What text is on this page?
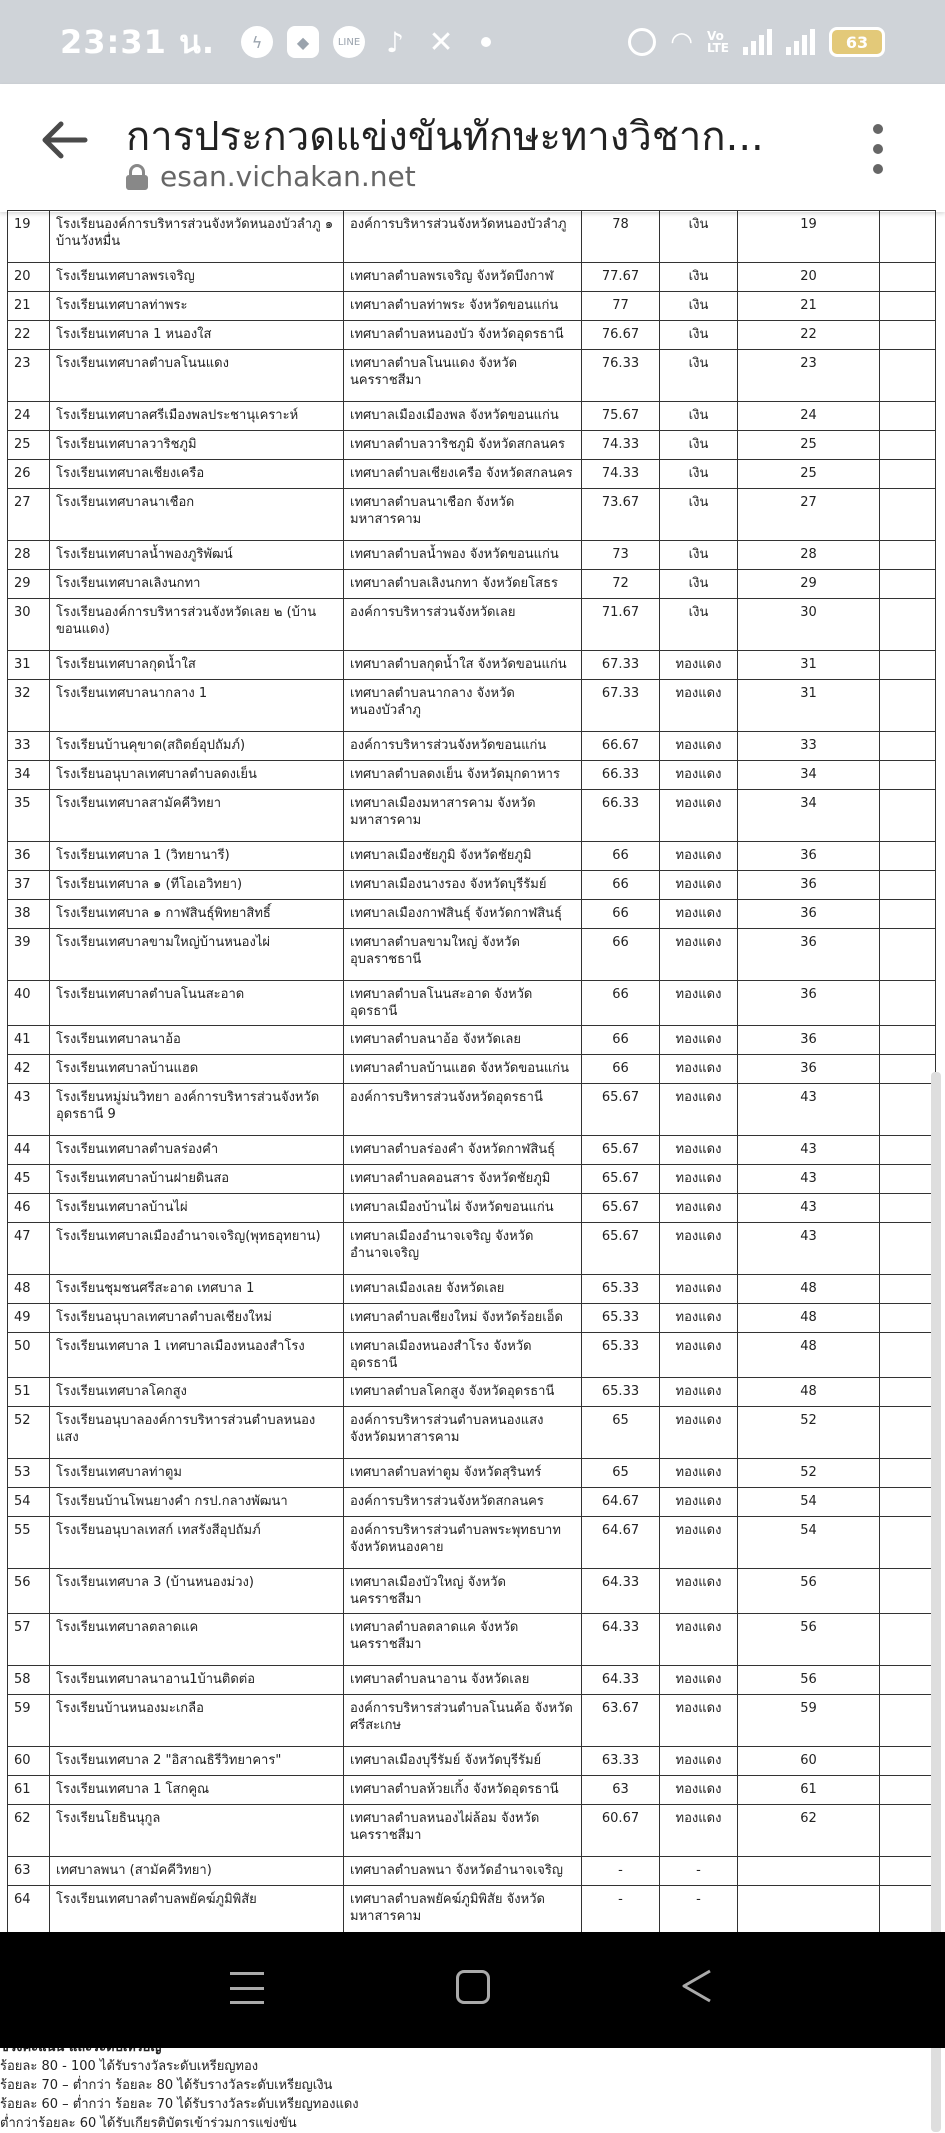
23:31 น.	ϟ	◆	LINE ♪ ✕	◠ Vo
LTE	63
การประกวดแข่งขันทักษะทางวิชาก...
esan.vichakan.net
19	โรงเรียนองค์การบริหารส่วนจังหวัดหนองบัวลำภู ๑ บ้านวังหมื่น	องค์การบริหารส่วนจังหวัดหนองบัวลำภู	78	เงิน	19	
20	โรงเรียนเทศบาลพรเจริญ	เทศบาลตำบลพรเจริญ จังหวัดบึงกาฬ	77.67	เงิน	20	
21	โรงเรียนเทศบาลท่าพระ	เทศบาลตำบลท่าพระ จังหวัดขอนแก่น	77	เงิน	21	
22	โรงเรียนเทศบาล 1 หนองใส	เทศบาลตำบลหนองบัว จังหวัดอุดรธานี	76.67	เงิน	22	
23	โรงเรียนเทศบาลตำบลโนนแดง	เทศบาลตำบลโนนแดง จังหวัดนครราชสีมา	76.33	เงิน	23	
24	โรงเรียนเทศบาลศรีเมืองพลประชานุเคราะห์	เทศบาลเมืองเมืองพล จังหวัดขอนแก่น	75.67	เงิน	24	
25	โรงเรียนเทศบาลวาริชภูมิ	เทศบาลตำบลวาริชภูมิ จังหวัดสกลนคร	74.33	เงิน	25	
26	โรงเรียนเทศบาลเชียงเครือ	เทศบาลตำบลเชียงเครือ จังหวัดสกลนคร	74.33	เงิน	25	
27	โรงเรียนเทศบาลนาเชือก	เทศบาลตำบลนาเชือก จังหวัดมหาสารคาม	73.67	เงิน	27	
28	โรงเรียนเทศบาลน้ำพองภูริพัฒน์	เทศบาลตำบลน้ำพอง จังหวัดขอนแก่น	73	เงิน	28	
29	โรงเรียนเทศบาลเลิงนกทา	เทศบาลตำบลเลิงนกทา จังหวัดยโสธร	72	เงิน	29	
30	โรงเรียนองค์การบริหารส่วนจังหวัดเลย ๒ (บ้านขอนแดง)	องค์การบริหารส่วนจังหวัดเลย	71.67	เงิน	30	
31	โรงเรียนเทศบาลกุดน้ำใส	เทศบาลตำบลกุดน้ำใส จังหวัดขอนแก่น	67.33	ทองแดง	31	
32	โรงเรียนเทศบาลนากลาง 1	เทศบาลตำบลนากลาง จังหวัดหนองบัวลำภู	67.33	ทองแดง	31	
33	โรงเรียนบ้านคุขาด(สถิตย์อุปถัมภ์)	องค์การบริหารส่วนจังหวัดขอนแก่น	66.67	ทองแดง	33	
34	โรงเรียนอนุบาลเทศบาลตำบลดงเย็น	เทศบาลตำบลดงเย็น จังหวัดมุกดาหาร	66.33	ทองแดง	34	
35	โรงเรียนเทศบาลสามัคคีวิทยา	เทศบาลเมืองมหาสารคาม จังหวัดมหาสารคาม	66.33	ทองแดง	34	
36	โรงเรียนเทศบาล 1 (วิทยานารี)	เทศบาลเมืองชัยภูมิ จังหวัดชัยภูมิ	66	ทองแดง	36	
37	โรงเรียนเทศบาล ๑ (ทีโอเอวิทยา)	เทศบาลเมืองนางรอง จังหวัดบุรีรัมย์	66	ทองแดง	36	
38	โรงเรียนเทศบาล ๑ กาฬสินธุ์พิทยาสิทธิ์	เทศบาลเมืองกาฬสินธุ์ จังหวัดกาฬสินธุ์	66	ทองแดง	36	
39	โรงเรียนเทศบาลขามใหญ่บ้านหนองไผ่	เทศบาลตำบลขามใหญ่ จังหวัดอุบลราชธานี	66	ทองแดง	36	
40	โรงเรียนเทศบาลตำบลโนนสะอาด	เทศบาลตำบลโนนสะอาด จังหวัดอุดรธานี	66	ทองแดง	36	
41	โรงเรียนเทศบาลนาอ้อ	เทศบาลตำบลนาอ้อ จังหวัดเลย	66	ทองแดง	36	
42	โรงเรียนเทศบาลบ้านแฮด	เทศบาลตำบลบ้านแฮด จังหวัดขอนแก่น	66	ทองแดง	36	
43	โรงเรียนหมู่ม่นวิทยา องค์การบริหารส่วนจังหวัดอุดรธานี 9	องค์การบริหารส่วนจังหวัดอุดรธานี	65.67	ทองแดง	43	
44	โรงเรียนเทศบาลตำบลร่องคำ	เทศบาลตำบลร่องคำ จังหวัดกาฬสินธุ์	65.67	ทองแดง	43	
45	โรงเรียนเทศบาลบ้านฝายดินสอ	เทศบาลตำบลคอนสาร จังหวัดชัยภูมิ	65.67	ทองแดง	43	
46	โรงเรียนเทศบาลบ้านไผ่	เทศบาลเมืองบ้านไผ่ จังหวัดขอนแก่น	65.67	ทองแดง	43	
47	โรงเรียนเทศบาลเมืองอำนาจเจริญ(พุทธอุทยาน)	เทศบาลเมืองอำนาจเจริญ จังหวัดอำนาจเจริญ	65.67	ทองแดง	43	
48	โรงเรียนชุมชนศรีสะอาด เทศบาล 1	เทศบาลเมืองเลย จังหวัดเลย	65.33	ทองแดง	48	
49	โรงเรียนอนุบาลเทศบาลตำบลเชียงใหม่	เทศบาลตำบลเชียงใหม่ จังหวัดร้อยเอ็ด	65.33	ทองแดง	48	
50	โรงเรียนเทศบาล 1 เทศบาลเมืองหนองสำโรง	เทศบาลเมืองหนองสำโรง จังหวัดอุดรธานี	65.33	ทองแดง	48	
51	โรงเรียนเทศบาลโคกสูง	เทศบาลตำบลโคกสูง จังหวัดอุดรธานี	65.33	ทองแดง	48	
52	โรงเรียนอนุบาลองค์การบริหารส่วนตำบลหนองแสง	องค์การบริหารส่วนตำบลหนองแสง จังหวัดมหาสารคาม	65	ทองแดง	52	
53	โรงเรียนเทศบาลท่าตูม	เทศบาลตำบลท่าตูม จังหวัดสุรินทร์	65	ทองแดง	52	
54	โรงเรียนบ้านโพนยางคำ กรป.กลางพัฒนา	องค์การบริหารส่วนจังหวัดสกลนคร	64.67	ทองแดง	54	
55	โรงเรียนอนุบาลเทสก์ เทสรังสีอุปถัมภ์	องค์การบริหารส่วนตำบลพระพุทธบาท จังหวัดหนองคาย	64.67	ทองแดง	54	
56	โรงเรียนเทศบาล 3 (บ้านหนองม่วง)	เทศบาลเมืองบัวใหญ่ จังหวัดนครราชสีมา	64.33	ทองแดง	56	
57	โรงเรียนเทศบาลตลาดแค	เทศบาลตำบลตลาดแค จังหวัดนครราชสีมา	64.33	ทองแดง	56	
58	โรงเรียนเทศบาลนาอาน1บ้านติดต่อ	เทศบาลตำบลนาอาน จังหวัดเลย	64.33	ทองแดง	56	
59	โรงเรียนบ้านหนองมะเกลือ	องค์การบริหารส่วนตำบลโนนค้อ จังหวัดศรีสะเกษ	63.67	ทองแดง	59	
60	โรงเรียนเทศบาล 2 "อิสาณธิรีวิทยาคาร"	เทศบาลเมืองบุรีรัมย์ จังหวัดบุรีรัมย์	63.33	ทองแดง	60	
61	โรงเรียนเทศบาล 1 โสกคูณ	เทศบาลตำบลห้วยเกิ้ง จังหวัดอุดรธานี	63	ทองแดง	61	
62	โรงเรียนโยธินนุกูล	เทศบาลตำบลหนองไผ่ล้อม จังหวัดนครราชสีมา	60.67	ทองแดง	62	
63	เทศบาลพนา (สามัคคีวิทยา)	เทศบาลตำบลพนา จังหวัดอำนาจเจริญ	-	-		
64	โรงเรียนเทศบาลตำบลพยัคฆ์ภูมิพิสัย	เทศบาลตำบลพยัคฆ์ภูมิพิสัย จังหวัดมหาสารคาม	-	-		
ร้อยละ 80 - 100 ได้รับรางวัลระดับเหรียญทอง
ร้อยละ 70 – ต่ำกว่า ร้อยละ 80 ได้รับรางวัลระดับเหรียญเงิน
ร้อยละ 60 – ต่ำกว่า ร้อยละ 70 ได้รับรางวัลระดับเหรียญทองแดง
ต่ำกว่าร้อยละ 60 ได้รับเกียรติบัตรเข้าร่วมการแข่งขัน
